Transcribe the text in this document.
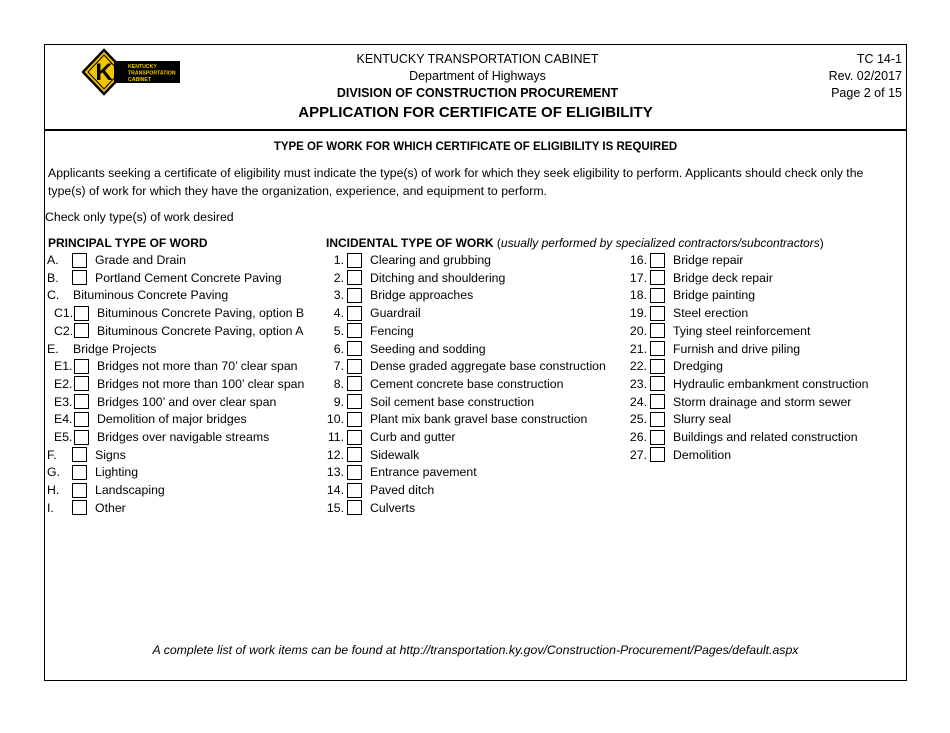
K	KENTUCKY
TRANSPORTATION
CABINET
KENTUCKY TRANSPORTATION CABINET
Department of Highways
DIVISION OF CONSTRUCTION PROCUREMENT
TC 14-1
Rev. 02/2017
Page 2 of 15
APPLICATION FOR CERTIFICATE OF ELIGIBILITY
TYPE OF WORK FOR WHICH CERTIFICATE OF ELIGIBILITY IS REQUIRED
Applicants seeking a certificate of eligibility must indicate the type(s) of work for which they seek eligibility to perform. Applicants should check only the type(s) of work for which they have the organization, experience, and equipment to perform.
Check only type(s) of work desired
PRINCIPAL TYPE OF WORD	INCIDENTAL TYPE OF WORK (usually performed by specialized contractors/subcontractors)
A.	Grade and Drain
B.	Portland Cement Concrete Paving
C.	Bituminous Concrete Paving
C1. Bituminous Concrete Paving, option B
C2. Bituminous Concrete Paving, option A
E.	Bridge Projects
E1. Bridges not more than 70’ clear span
E2. Bridges not more than 100’ clear span
E3. Bridges 100’ and over clear span
E4. Demolition of major bridges
E5. Bridges over navigable streams
F.	Signs
G.	Lighting
H.	Landscaping
I.	Other
1. Clearing and grubbing
2. Ditching and shouldering
3. Bridge approaches
4. Guardrail
5. Fencing
6. Seeding and sodding
7. Dense graded aggregate base construction
8. Cement concrete base construction
9. Soil cement base construction
10. Plant mix bank gravel base construction
11. Curb and gutter
12. Sidewalk
13. Entrance pavement
14. Paved ditch
15. Culverts
16. Bridge repair
17. Bridge deck repair
18. Bridge painting
19. Steel erection
20. Tying steel reinforcement
21. Furnish and drive piling
22. Dredging
23. Hydraulic embankment construction
24. Storm drainage and storm sewer
25. Slurry seal
26. Buildings and related construction
27. Demolition
A complete list of work items can be found at http://transportation.ky.gov/Construction-Procurement/Pages/default.aspx
